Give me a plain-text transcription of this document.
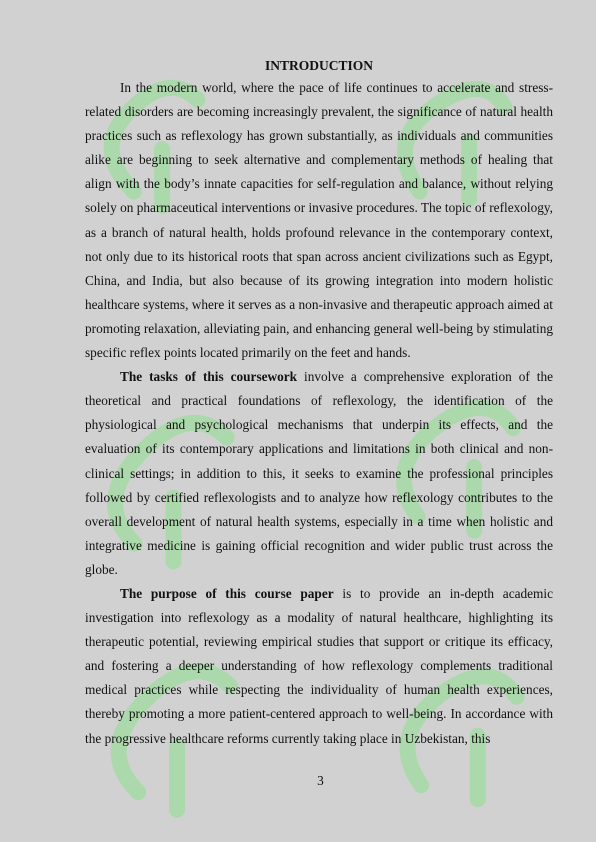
INTRODUCTION

In the modern world, where the pace of life continues to accelerate and stress-related disorders are becoming increasingly prevalent, the significance of natural health practices such as reflexology has grown substantially, as individuals and communities alike are beginning to seek alternative and complementary methods of healing that align with the body’s innate capacities for self-regulation and balance, without relying solely on pharmaceutical interventions or invasive procedures. The topic of reflexology, as a branch of natural health, holds profound relevance in the contemporary context, not only due to its historical roots that span across ancient civilizations such as Egypt, China, and India, but also because of its growing integration into modern holistic healthcare systems, where it serves as a non-invasive and therapeutic approach aimed at promoting relaxation, alleviating pain, and enhancing general well-being by stimulating specific reflex points located primarily on the feet and hands.

The tasks of this coursework involve a comprehensive exploration of the theoretical and practical foundations of reflexology, the identification of the physiological and psychological mechanisms that underpin its effects, and the evaluation of its contemporary applications and limitations in both clinical and non-clinical settings; in addition to this, it seeks to examine the professional principles followed by certified reflexologists and to analyze how reflexology contributes to the overall development of natural health systems, especially in a time when holistic and integrative medicine is gaining official recognition and wider public trust across the globe.

The purpose of this course paper is to provide an in-depth academic investigation into reflexology as a modality of natural healthcare, highlighting its therapeutic potential, reviewing empirical studies that support or critique its efficacy, and fostering a deeper understanding of how reflexology complements traditional medical practices while respecting the individuality of human health experiences, thereby promoting a more patient-centered approach to well-being. In accordance with the progressive healthcare reforms currently taking place in Uzbekistan, this

3
